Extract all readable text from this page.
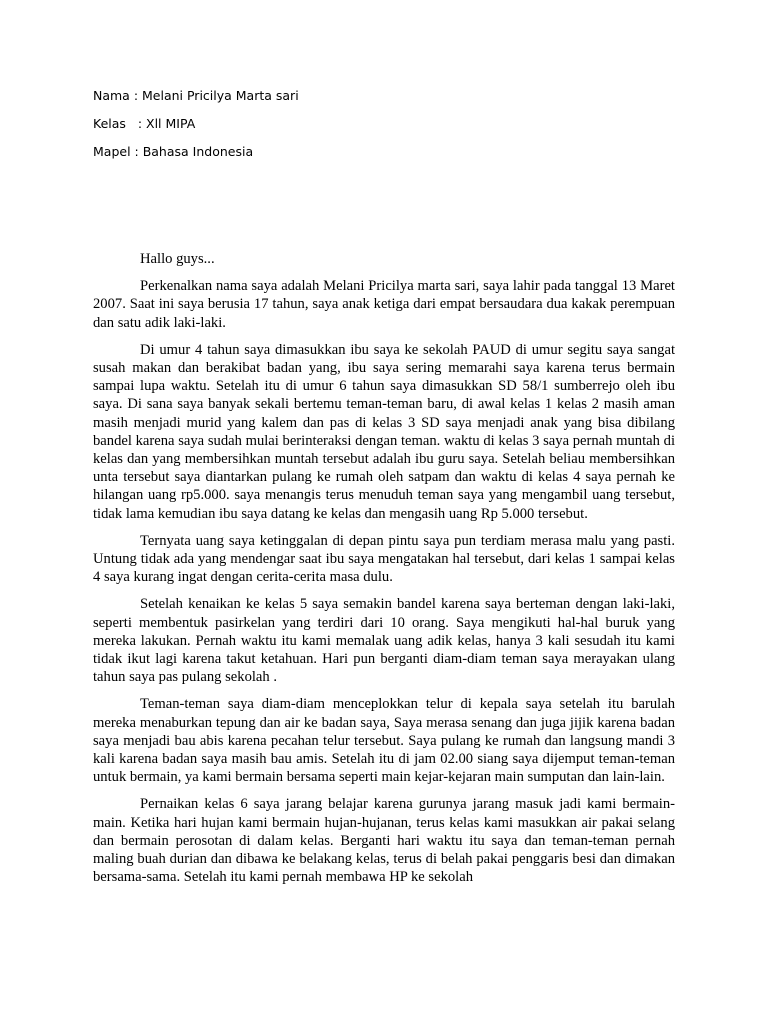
Nama : Melani Pricilya Marta sari
Kelas   : Xll MIPA
Mapel : Bahasa Indonesia

Hallo guys...

Perkenalkan nama saya adalah Melani Pricilya marta sari, saya lahir pada tanggal 13 Maret 2007. Saat ini saya berusia 17 tahun, saya anak ketiga dari empat bersaudara dua kakak perempuan dan satu adik laki-laki.

Di umur 4 tahun saya dimasukkan ibu saya ke sekolah PAUD di umur segitu saya sangat susah makan dan berakibat badan yang, ibu saya sering memarahi saya karena terus bermain sampai lupa waktu. Setelah itu di umur 6 tahun saya dimasukkan SD 58/1 sumberrejo oleh ibu saya. Di sana saya banyak sekali bertemu teman-teman baru, di awal kelas 1 kelas 2 masih aman masih menjadi murid yang kalem dan pas di kelas 3 SD saya menjadi anak yang bisa dibilang bandel karena saya sudah mulai berinteraksi dengan teman. waktu di kelas 3 saya pernah muntah di kelas dan yang membersihkan muntah tersebut adalah ibu guru saya. Setelah beliau membersihkan unta tersebut saya diantarkan pulang ke rumah oleh satpam dan waktu di kelas 4 saya pernah ke hilangan uang rp5.000. saya menangis terus menuduh teman saya yang mengambil uang tersebut, tidak lama kemudian ibu saya datang ke kelas dan mengasih uang Rp 5.000 tersebut.

Ternyata uang saya ketinggalan di depan pintu saya pun terdiam merasa malu yang pasti. Untung tidak ada yang mendengar saat ibu saya mengatakan hal tersebut, dari kelas 1 sampai kelas 4 saya kurang ingat dengan cerita-cerita masa dulu.

Setelah kenaikan ke kelas 5 saya semakin bandel karena saya berteman dengan laki-laki, seperti membentuk pasirkelan yang terdiri dari 10 orang. Saya mengikuti hal-hal buruk yang mereka lakukan. Pernah waktu itu kami memalak uang adik kelas, hanya 3 kali sesudah itu kami tidak ikut lagi karena takut ketahuan. Hari pun berganti diam-diam teman saya merayakan ulang tahun saya pas pulang sekolah .

Teman-teman saya diam-diam menceplokkan telur di kepala saya setelah itu barulah mereka menaburkan tepung dan air ke badan saya, Saya merasa senang dan juga jijik karena badan saya menjadi bau abis karena pecahan telur tersebut. Saya pulang ke rumah dan langsung mandi 3 kali karena badan saya masih bau amis. Setelah itu di jam 02.00 siang saya dijemput teman-teman untuk bermain, ya kami bermain bersama seperti main kejar-kejaran main sumputan dan lain-lain.

Pernaikan kelas 6 saya jarang belajar karena gurunya jarang masuk jadi kami bermain-main. Ketika hari hujan kami bermain hujan-hujanan, terus kelas kami masukkan air pakai selang dan bermain perosotan di dalam kelas. Berganti hari waktu itu saya dan teman-teman pernah maling buah durian dan dibawa ke belakang kelas, terus di belah pakai penggaris besi dan dimakan bersama-sama. Setelah itu kami pernah membawa HP ke sekolah
